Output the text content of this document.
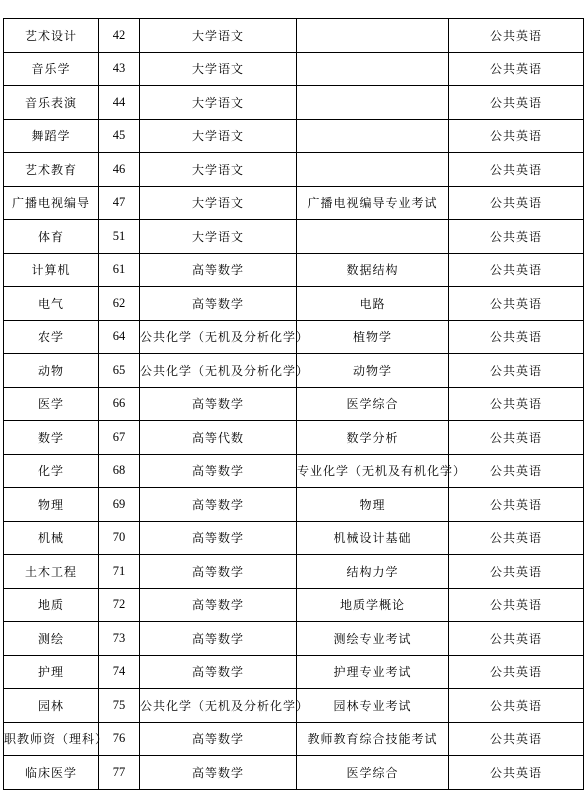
艺术设计	42	大学语文		公共英语
音乐学	43	大学语文		公共英语
音乐表演	44	大学语文		公共英语
舞蹈学	45	大学语文		公共英语
艺术教育	46	大学语文		公共英语
广播电视编导	47	大学语文	广播电视编导专业考试	公共英语
体育	51	大学语文		公共英语
计算机	61	高等数学	数据结构	公共英语
电气	62	高等数学	电路	公共英语
农学	64	公共化学（无机及分析化学）	植物学	公共英语
动物	65	公共化学（无机及分析化学）	动物学	公共英语
医学	66	高等数学	医学综合	公共英语
数学	67	高等代数	数学分析	公共英语
化学	68	高等数学	专业化学（无机及有机化学）	公共英语
物理	69	高等数学	物理	公共英语
机械	70	高等数学	机械设计基础	公共英语
土木工程	71	高等数学	结构力学	公共英语
地质	72	高等数学	地质学概论	公共英语
测绘	73	高等数学	测绘专业考试	公共英语
护理	74	高等数学	护理专业考试	公共英语
园林	75	公共化学（无机及分析化学）	园林专业考试	公共英语
职教师资（理科）	76	高等数学	教师教育综合技能考试	公共英语
临床医学	77	高等数学	医学综合	公共英语
